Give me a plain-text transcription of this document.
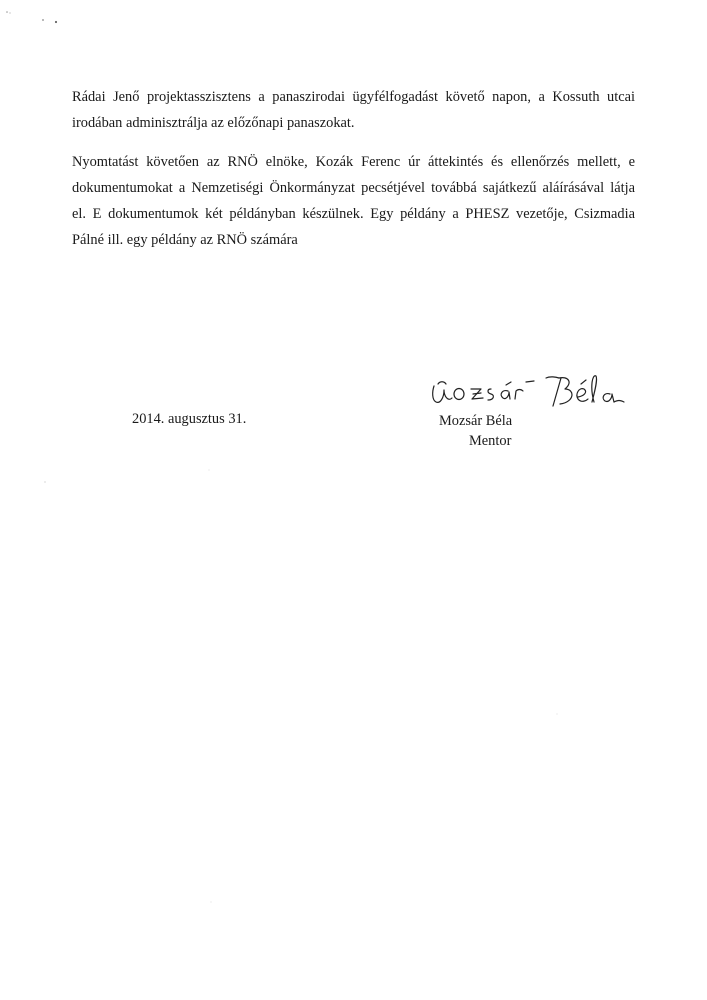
Rádai Jenő projektasszisztens a panaszirodai ügyfélfogadást követő napon, a Kossuth utcai
irodában adminisztrálja az előzőnapi panaszokat.
Nyomtatást követően az RNÖ elnöke, Kozák Ferenc úr áttekintés és ellenőrzés mellett, e
dokumentumokat a Nemzetiségi Önkormányzat pecsétjével továbbá sajátkezű aláírásával látja
el. E dokumentumok két példányban készülnek. Egy példány a PHESZ vezetője, Csizmadia
Pálné ill. egy példány az RNÖ számára
2014. augusztus 31.	Mozsár Béla
Mentor
